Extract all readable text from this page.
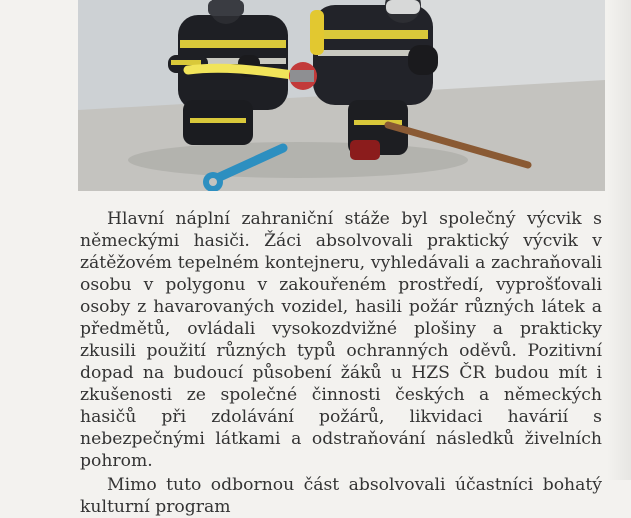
Hlavní náplní zahraniční stáže byl společný výcvik s německými hasiči. Žáci absolvovali praktický výcvik v zátěžovém tepelném kontejneru, vyhledávali a zachraňovali osobu v polygonu v zakouřeném prostředí, vyprošťovali osoby z havarovaných vozidel, hasili požár různých látek a předmětů, ovládali vysokozdvižné plošiny a prakticky zkusili použití různých typů ochranných oděvů. Pozitivní dopad na budoucí působení žáků u HZS ČR budou mít i zkušenosti ze společné činnosti českých a německých hasičů při zdolávání požárů, likvidaci havárií s nebezpečnými látkami a odstraňování následků živelních pohrom.

Mimo tuto odbornou část absolvovali účastníci bohatý kulturní program
